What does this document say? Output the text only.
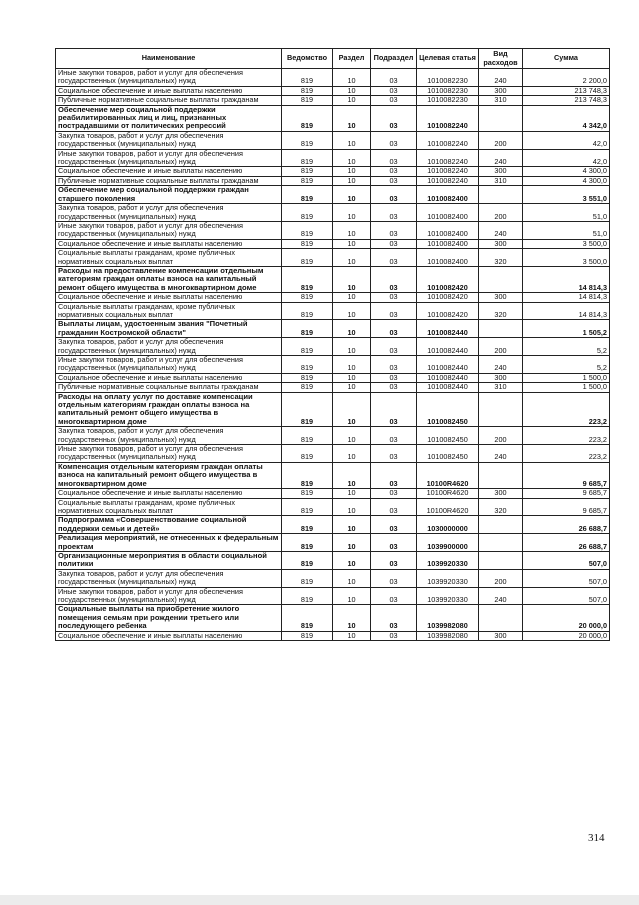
Наименование	Ведомство	Раздел	Подраздел	Целевая статья	Вид расходов	Сумма
Иные закупки товаров, работ и услуг для обеспечения государственных (муниципальных) нужд	819	10	03	1010082230	240	2 200,0
Социальное обеспечение и иные выплаты населению	819	10	03	1010082230	300	213 748,3
Публичные нормативные социальные выплаты гражданам	819	10	03	1010082230	310	213 748,3
Обеспечение мер социальной поддержки реабилитированных лиц и лиц, признанных пострадавшими от политических репрессий	819	10	03	1010082240		4 342,0
Закупка товаров, работ и услуг для обеспечения государственных (муниципальных) нужд	819	10	03	1010082240	200	42,0
Иные закупки товаров, работ и услуг для обеспечения государственных (муниципальных) нужд	819	10	03	1010082240	240	42,0
Социальное обеспечение и иные выплаты населению	819	10	03	1010082240	300	4 300,0
Публичные нормативные социальные выплаты гражданам	819	10	03	1010082240	310	4 300,0
Обеспечение мер социальной поддержки граждан старшего поколения	819	10	03	1010082400		3 551,0
Закупка товаров, работ и услуг для обеспечения государственных (муниципальных) нужд	819	10	03	1010082400	200	51,0
Иные закупки товаров, работ и услуг для обеспечения государственных (муниципальных) нужд	819	10	03	1010082400	240	51,0
Социальное обеспечение и иные выплаты населению	819	10	03	1010082400	300	3 500,0
Социальные выплаты гражданам, кроме публичных нормативных социальных выплат	819	10	03	1010082400	320	3 500,0
Расходы на предоставление компенсации отдельным категориям граждан оплаты взноса на капитальный ремонт общего имущества в многоквартирном доме	819	10	03	1010082420		14 814,3
Социальное обеспечение и иные выплаты населению	819	10	03	1010082420	300	14 814,3
Социальные выплаты гражданам, кроме публичных нормативных социальных выплат	819	10	03	1010082420	320	14 814,3
Выплаты лицам, удостоенным звания "Почетный гражданин Костромской области"	819	10	03	1010082440		1 505,2
Закупка товаров, работ и услуг для обеспечения государственных (муниципальных) нужд	819	10	03	1010082440	200	5,2
Иные закупки товаров, работ и услуг для обеспечения государственных (муниципальных) нужд	819	10	03	1010082440	240	5,2
Социальное обеспечение и иные выплаты населению	819	10	03	1010082440	300	1 500,0
Публичные нормативные социальные выплаты гражданам	819	10	03	1010082440	310	1 500,0
Расходы на оплату услуг по доставке компенсации отдельным категориям граждан оплаты взноса на капитальный ремонт общего имущества в многоквартирном доме	819	10	03	1010082450		223,2
Закупка товаров, работ и услуг для обеспечения государственных (муниципальных) нужд	819	10	03	1010082450	200	223,2
Иные закупки товаров, работ и услуг для обеспечения государственных (муниципальных) нужд	819	10	03	1010082450	240	223,2
Компенсация отдельным категориям граждан оплаты взноса на капитальный ремонт общего имущества в многоквартирном доме	819	10	03	10100R4620		9 685,7
Социальное обеспечение и иные выплаты населению	819	10	03	10100R4620	300	9 685,7
Социальные выплаты гражданам, кроме публичных нормативных социальных выплат	819	10	03	10100R4620	320	9 685,7
Подпрограмма «Совершенствование социальной поддержки семьи и детей»	819	10	03	1030000000		26 688,7
Реализация мероприятий, не отнесенных к федеральным проектам	819	10	03	1039900000		26 688,7
Организационные мероприятия в области социальной политики	819	10	03	1039920330		507,0
Закупка товаров, работ и услуг для обеспечения государственных (муниципальных) нужд	819	10	03	1039920330	200	507,0
Иные закупки товаров, работ и услуг для обеспечения государственных (муниципальных) нужд	819	10	03	1039920330	240	507,0
Социальные выплаты на приобретение жилого помещения семьям при рождении третьего или последующего ребенка	819	10	03	1039982080		20 000,0
Социальное обеспечение и иные выплаты населению	819	10	03	1039982080	300	20 000,0
314
